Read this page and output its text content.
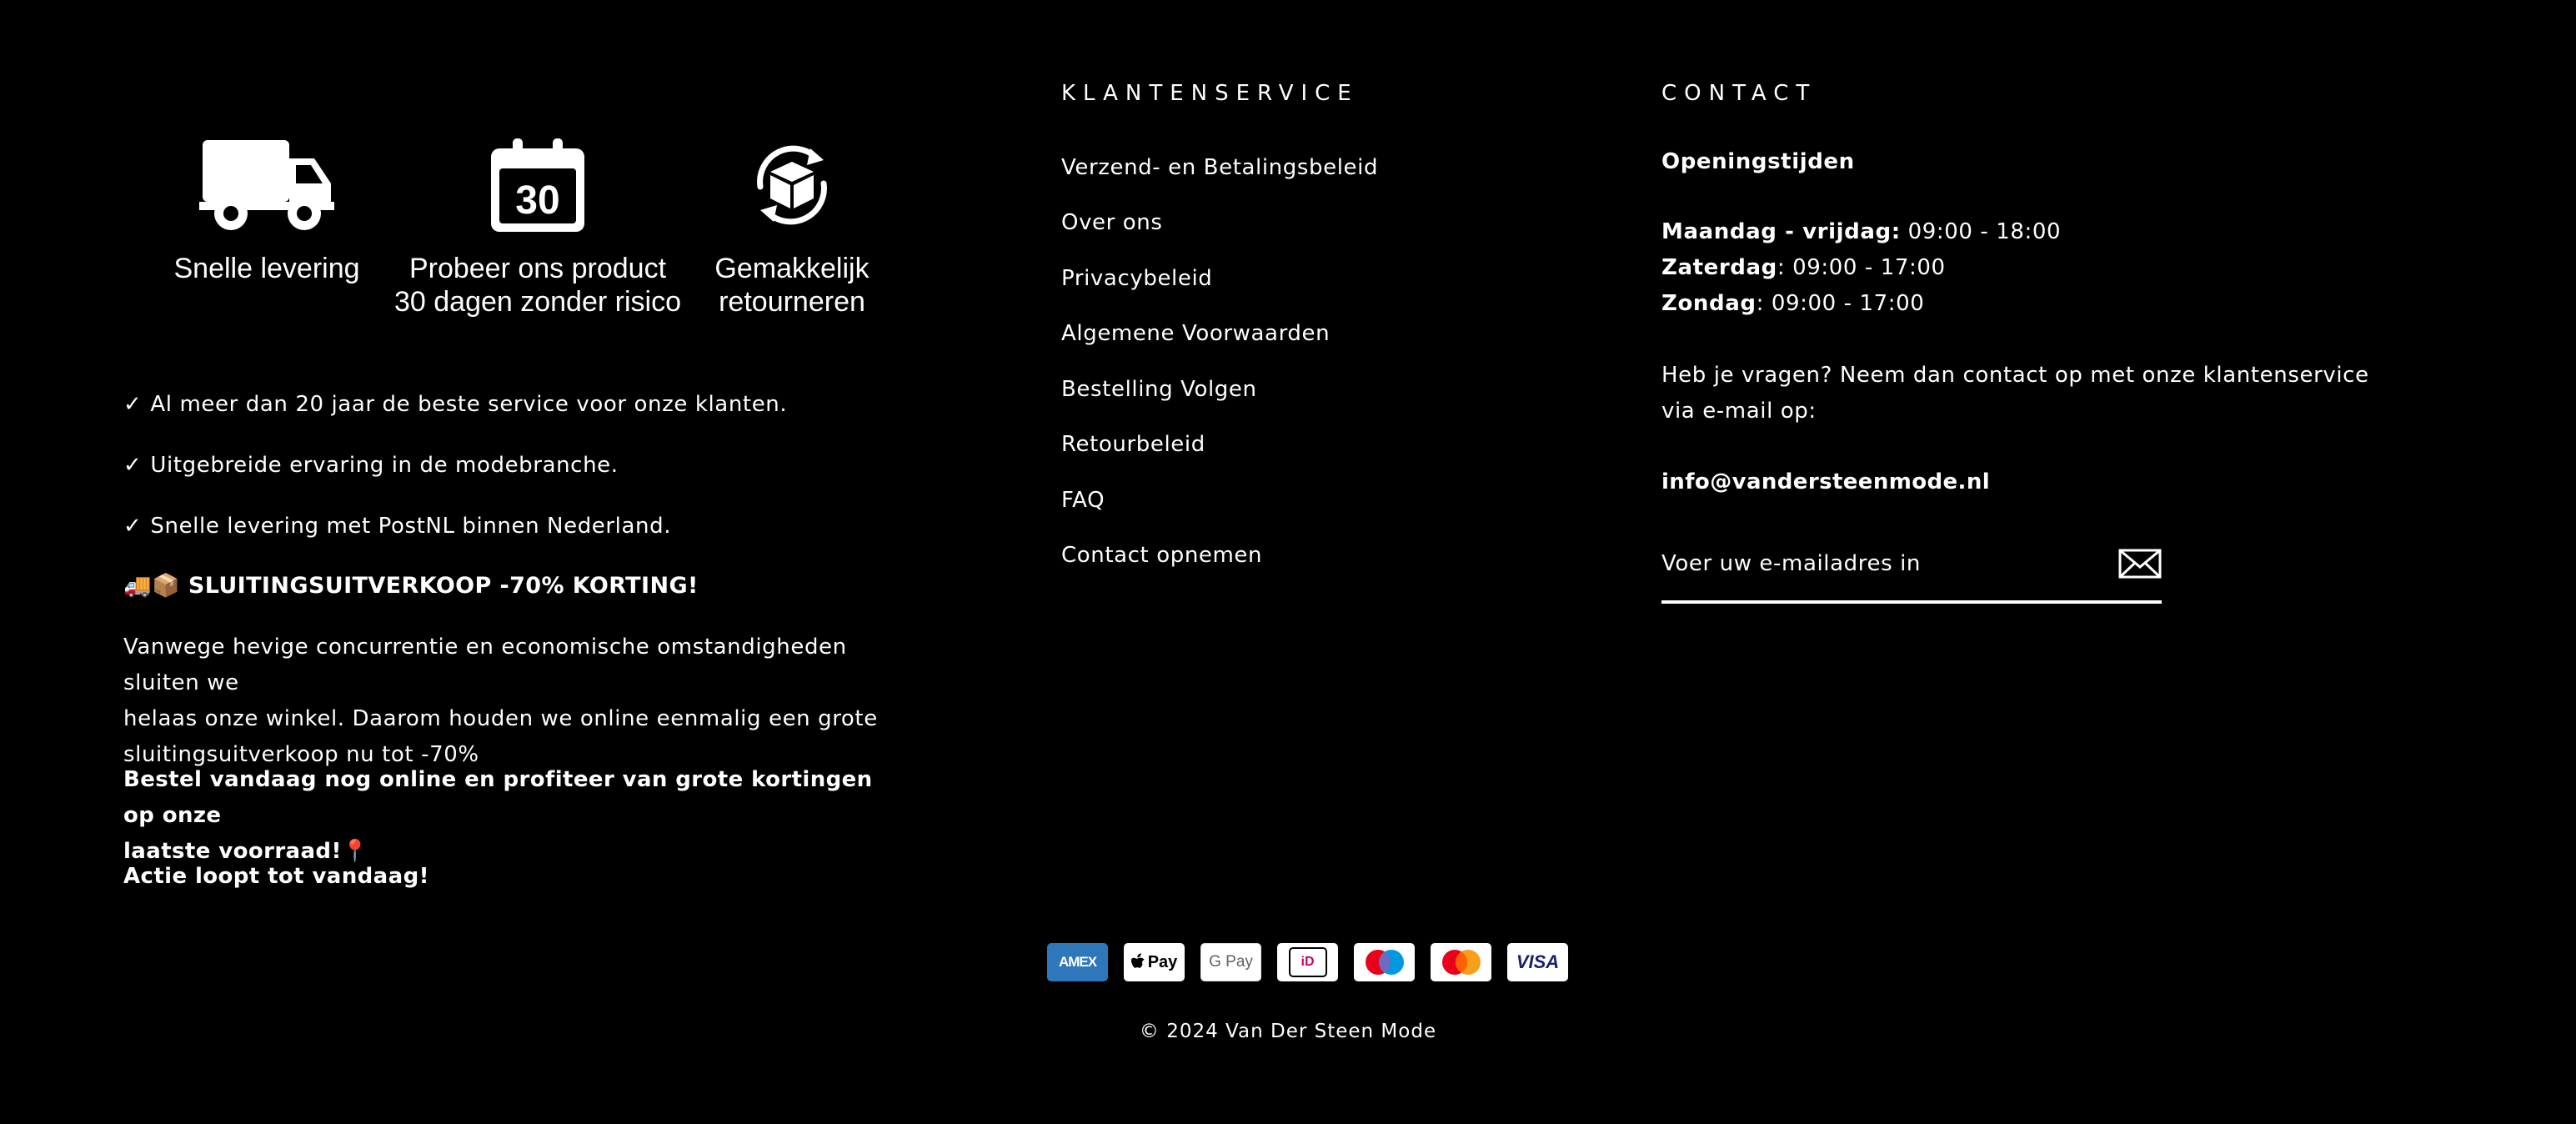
Snelle levering
30
Probeer ons product
30 dagen zonder risico
Gemakkelijk
retourneren
✓ Al meer dan 20 jaar de beste service voor onze klanten.
✓ Uitgebreide ervaring in de modebranche.
✓ Snelle levering met PostNL binnen Nederland.
🚚📦 SLUITINGSUITVERKOOP -70% KORTING!
Vanwege hevige concurrentie en economische omstandigheden sluiten we
helaas onze winkel. Daarom houden we online eenmalig een grote
sluitingsuitverkoop nu tot -70%
Bestel vandaag nog online en profiteer van grote kortingen op onze
laatste voorraad!📍
Actie loopt tot vandaag!
KLANTENSERVICE
Verzend- en Betalingsbeleid
Over ons
Privacybeleid
Algemene Voorwaarden
Bestelling Volgen
Retourbeleid
FAQ
Contact opnemen
CONTACT
Openingstijden
Maandag - vrijdag: 09:00 - 18:00
Zaterdag: 09:00 - 17:00
Zondag: 09:00 - 17:00
Heb je vragen? Neem dan contact op met onze klantenservice
via e-mail op:
info@vandersteenmode.nl
Voer uw e-mailadres in
AMEX	Pay G Pay	iD	VISA
© 2024 Van Der Steen Mode
